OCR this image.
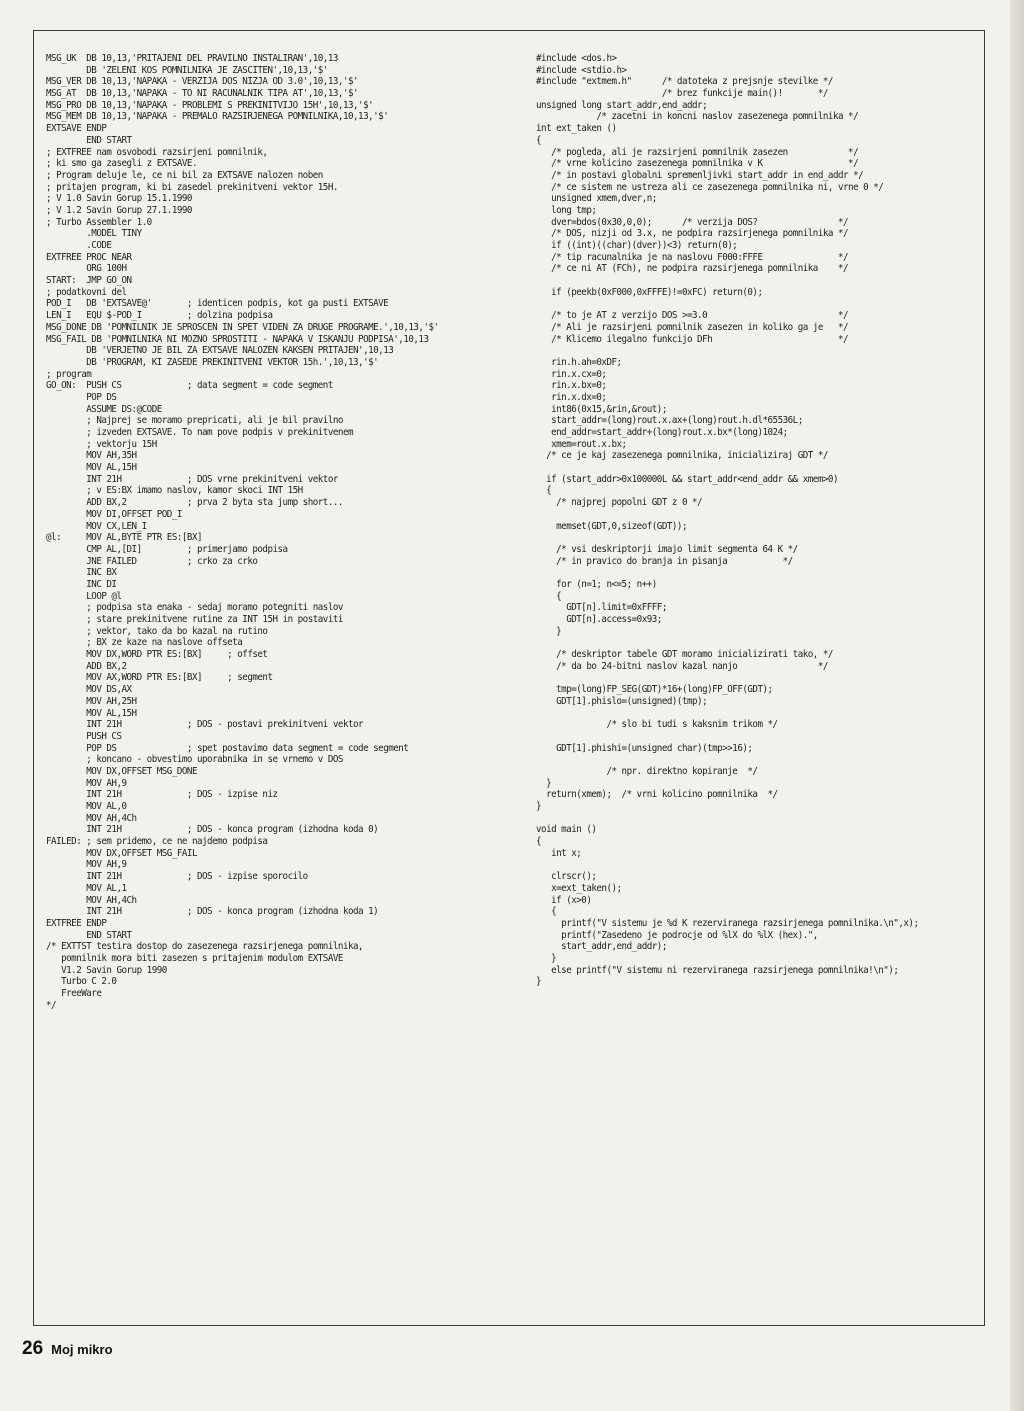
MSG_UK  DB 10,13,'PRITAJENI DEL PRAVILNO INSTALIRAN',10,13
DB 'ZELENI KOS POMNILNIKA JE ZASCITEN',10,13,'$'
MSG_VER DB 10,13,'NAPAKA - VERZIJA DOS NIZJA OD 3.0',10,13,'$'
MSG_AT  DB 10,13,'NAPAKA - TO NI RACUNALNIK TIPA AT',10,13,'$'
MSG_PRO DB 10,13,'NAPAKA - PROBLEMI S PREKINITVIJO 15H',10,13,'$'
MSG_MEM DB 10,13,'NAPAKA - PREMALO RAZSIRJENEGA POMNILNIKA,10,13,'$'
EXTSAVE ENDP
END START
; EXTFREE nam osvobodi razsirjeni pomnilnik,
; ki smo ga zasegli z EXTSAVE.
; Program deluje le, ce ni bil za EXTSAVE nalozen noben
; pritajen program, ki bi zasedel prekinitveni vektor 15H.
; V 1.0 Savin Gorup 15.1.1990
; V 1.2 Savin Gorup 27.1.1990
; Turbo Assembler 1.0
.MODEL TINY
.CODE
EXTFREE PROC NEAR
ORG 100H
START:  JMP GO_ON
; podatkovni del
POD_I   DB 'EXTSAVE@'       ; identicen podpis, kot ga pusti EXTSAVE
LEN_I   EQU $-POD_I         ; dolzina podpisa
MSG_DONE DB 'POMNILNIK JE SPROSCEN IN SPET VIDEN ZA DRUGE PROGRAME.',10,13,'$'
MSG_FAIL DB 'POMNILNIKA NI MOZNO SPROSTITI - NAPAKA V ISKANJU PODPISA',10,13
DB 'VERJETNO JE BIL ZA EXTSAVE NALOZEN KAKSEN PRITAJEN',10,13
DB 'PROGRAM, KI ZASEDE PREKINITVENI VEKTOR 15h.',10,13,'$'
; program
GO_ON:  PUSH CS             ; data segment = code segment
POP DS
ASSUME DS:@CODE
; Najprej se moramo prepricati, ali je bil pravilno
; izveden EXTSAVE. To nam pove podpis v prekinitvenem
; vektorju 15H
MOV AH,35H
MOV AL,15H
INT 21H             ; DOS vrne prekinitveni vektor
; v ES:BX imamo naslov, kamor skoci INT 15H
ADD BX,2            ; prva 2 byta sta jump short...
MOV DI,OFFSET POD_I
MOV CX,LEN_I
@l:     MOV AL,BYTE PTR ES:[BX]
CMP AL,[DI]         ; primerjamo podpisa
JNE FAILED          ; crko za crko
INC BX
INC DI
LOOP @l
; podpisa sta enaka - sedaj moramo potegniti naslov
; stare prekinitvene rutine za INT 15H in postaviti
; vektor, tako da bo kazal na rutino
; BX ze kaze na naslove offseta
MOV DX,WORD PTR ES:[BX]     ; offset
ADD BX,2
MOV AX,WORD PTR ES:[BX]     ; segment
MOV DS,AX
MOV AH,25H
MOV AL,15H
INT 21H             ; DOS - postavi prekinitveni vektor
PUSH CS
POP DS              ; spet postavimo data segment = code segment
; koncano - obvestimo uporabnika in se vrnemo v DOS
MOV DX,OFFSET MSG_DONE
MOV AH,9
INT 21H             ; DOS - izpise niz
MOV AL,0
MOV AH,4Ch
INT 21H             ; DOS - konca program (izhodna koda 0)
FAILED: ; sem pridemo, ce ne najdemo podpisa
MOV DX,OFFSET MSG_FAIL
MOV AH,9
INT 21H             ; DOS - izpise sporocilo
MOV AL,1
MOV AH,4Ch
INT 21H             ; DOS - konca program (izhodna koda 1)
EXTFREE ENDP
END START
/* EXTTST testira dostop do zasezenega razsirjenega pomnilnika,
pomnilnik mora biti zasezen s pritajenim modulom EXTSAVE
V1.2 Savin Gorup 1990
Turbo C 2.0
FreeWare
*/
#include <dos.h>
#include <stdio.h>
#include "extmem.h"      /* datoteka z prejsnje stevilke */
/* brez funkcije main()!       */
unsigned long start_addr,end_addr;
/* zacetni in koncni naslov zasezenega pomnilnika */
int ext_taken ()
{
/* pogleda, ali je razsirjeni pomnilnik zasezen            */
/* vrne kolicino zasezenega pomnilnika v K                 */
/* in postavi globalni spremenljivki start_addr in end_addr */
/* ce sistem ne ustreza ali ce zasezenega pomnilnika ni, vrne 0 */
unsigned xmem,dver,n;
long tmp;
dver=bdos(0x30,0,0);      /* verzija DOS?                */
/* DOS, nizji od 3.x, ne podpira razsirjenega pomnilnika */
if ((int)((char)(dver))<3) return(0);
/* tip racunalnika je na naslovu F000:FFFE               */
/* ce ni AT (FCh), ne podpira razsirjenega pomnilnika    */
if (peekb(0xF000,0xFFFE)!=0xFC) return(0);
/* to je AT z verzijo DOS >=3.0                          */
/* Ali je razsirjeni pomnilnik zasezen in koliko ga je   */
/* Klicemo ilegalno funkcijo DFh                         */
rin.h.ah=0xDF;
rin.x.cx=0;
rin.x.bx=0;
rin.x.dx=0;
int86(0x15,&rin,&rout);
start_addr=(long)rout.x.ax+(long)rout.h.dl*65536L;
end_addr=start_addr+(long)rout.x.bx*(long)1024;
xmem=rout.x.bx;
/* ce je kaj zasezenega pomnilnika, inicializiraj GDT */
if (start_addr>0x100000L && start_addr<end_addr && xmem>0)
{
/* najprej popolni GDT z 0 */
memset(GDT,0,sizeof(GDT));
/* vsi deskriptorji imajo limit segmenta 64 K */
/* in pravico do branja in pisanja           */
for (n=1; n<=5; n++)
{
GDT[n].limit=0xFFFF;
GDT[n].access=0x93;
}
/* deskriptor tabele GDT moramo inicializirati tako, */
/* da bo 24-bitni naslov kazal nanjo                */
tmp=(long)FP_SEG(GDT)*16+(long)FP_OFF(GDT);
GDT[1].phislo=(unsigned)(tmp);
/* slo bi tudi s kaksnim trikom */
GDT[1].phishi=(unsigned char)(tmp>>16);
/* npr. direktno kopiranje  */
}
return(xmem);  /* vrni kolicino pomnilnika  */
}
void main ()
{
int x;
clrscr();
x=ext_taken();
if (x>0)
{
printf("V sistemu je %d K rezerviranega razsirjenega pomnilnika.\n",x);
printf("Zasedeno je podrocje od %lX do %lX (hex).",
start_addr,end_addr);
}
else printf("V sistemu ni rezerviranega razsirjenega pomnilnika!\n");
}
26 Moj mikro
